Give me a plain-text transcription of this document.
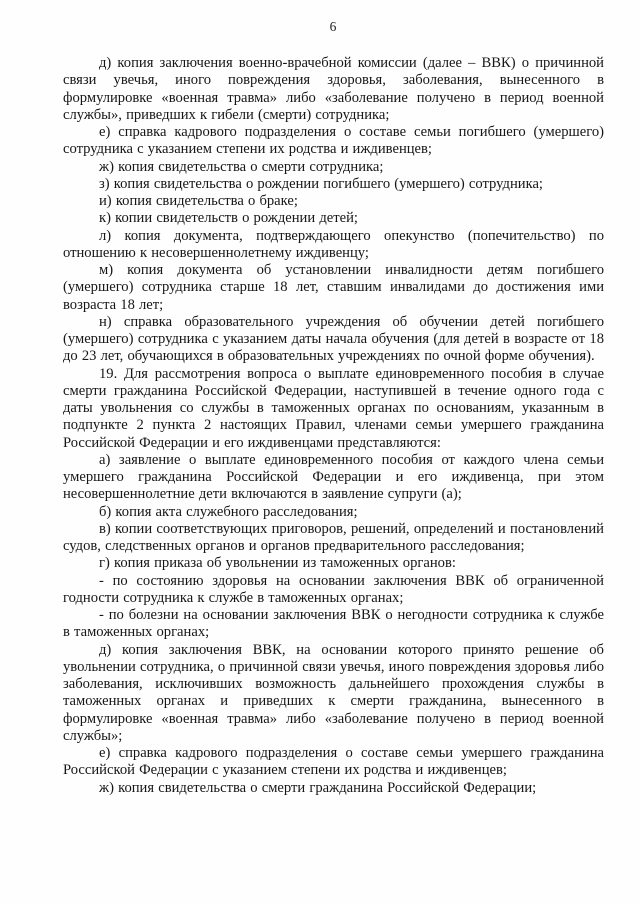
6

д) копия заключения военно-врачебной комиссии (далее – ВВК) о причинной связи увечья, иного повреждения здоровья, заболевания, вынесенного в формулировке «военная травма» либо «заболевание получено в период военной службы», приведших к гибели (смерти) сотрудника;

е) справка кадрового подразделения о составе семьи погибшего (умершего) сотрудника с указанием степени их родства и иждивенцев;

ж) копия свидетельства о смерти сотрудника;

з) копия свидетельства о рождении погибшего (умершего) сотрудника;

и) копия свидетельства о браке;

к) копии свидетельств о рождении детей;

л) копия документа, подтверждающего опекунство (попечительство) по отношению к несовершеннолетнему иждивенцу;

м) копия документа об установлении инвалидности детям погибшего (умершего) сотрудника старше 18 лет, ставшим инвалидами до достижения ими возраста 18 лет;

н) справка образовательного учреждения об обучении детей погибшего (умершего) сотрудника с указанием даты начала обучения (для детей в возрасте от 18 до 23 лет, обучающихся в образовательных учреждениях по очной форме обучения).

19. Для рассмотрения вопроса о выплате единовременного пособия в случае смерти гражданина Российской Федерации, наступившей в течение одного года с даты увольнения со службы в таможенных органах по основаниям, указанным в подпункте 2 пункта 2 настоящих Правил, членами семьи умершего гражданина Российской Федерации и его иждивенцами представляются:

а) заявление о выплате единовременного пособия от каждого члена семьи умершего гражданина Российской Федерации и его иждивенца, при этом несовершеннолетние дети включаются в заявление супруги (а);

б) копия акта служебного расследования;

в) копии соответствующих приговоров, решений, определений и постановлений судов, следственных органов и органов предварительного расследования;

г) копия приказа об увольнении из таможенных органов:

- по состоянию здоровья на основании заключения ВВК об ограниченной годности сотрудника к службе в таможенных органах;

- по болезни на основании заключения ВВК о негодности сотрудника к службе в таможенных органах;

д) копия заключения ВВК, на основании которого принято решение об увольнении сотрудника, о причинной связи увечья, иного повреждения здоровья либо заболевания, исключивших возможность дальнейшего прохождения службы в таможенных органах и приведших к смерти гражданина, вынесенного в формулировке «военная травма» либо «заболевание получено в период военной службы»;

е) справка кадрового подразделения о составе семьи умершего гражданина Российской Федерации с указанием степени их родства и иждивенцев;

ж) копия свидетельства о смерти гражданина Российской Федерации;
